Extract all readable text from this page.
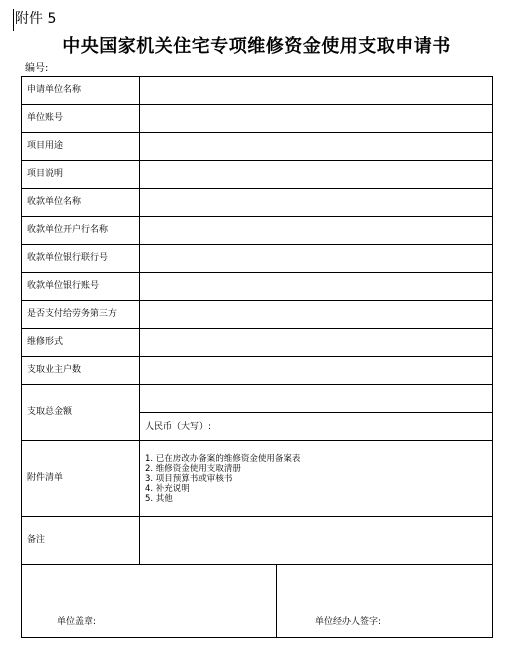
附件 5
中央国家机关住宅专项维修资金使用支取申请书
编号:
申请单位名称	
单位账号	
项目用途	
项目说明	
收款单位名称	
收款单位开户行名称	
收款单位银行联行号	
收款单位银行账号	
是否支付给劳务第三方	
维修形式	
支取业主户数	
支取总金额	

	人民币（大写）:

附件清单	1. 已在房改办备案的维修资金使用备案表
2. 维修资金使用支取清册
3. 项目预算书或审核书
4. 补充说明
5. 其他

备注	
单位盖章:	单位经办人签字:
